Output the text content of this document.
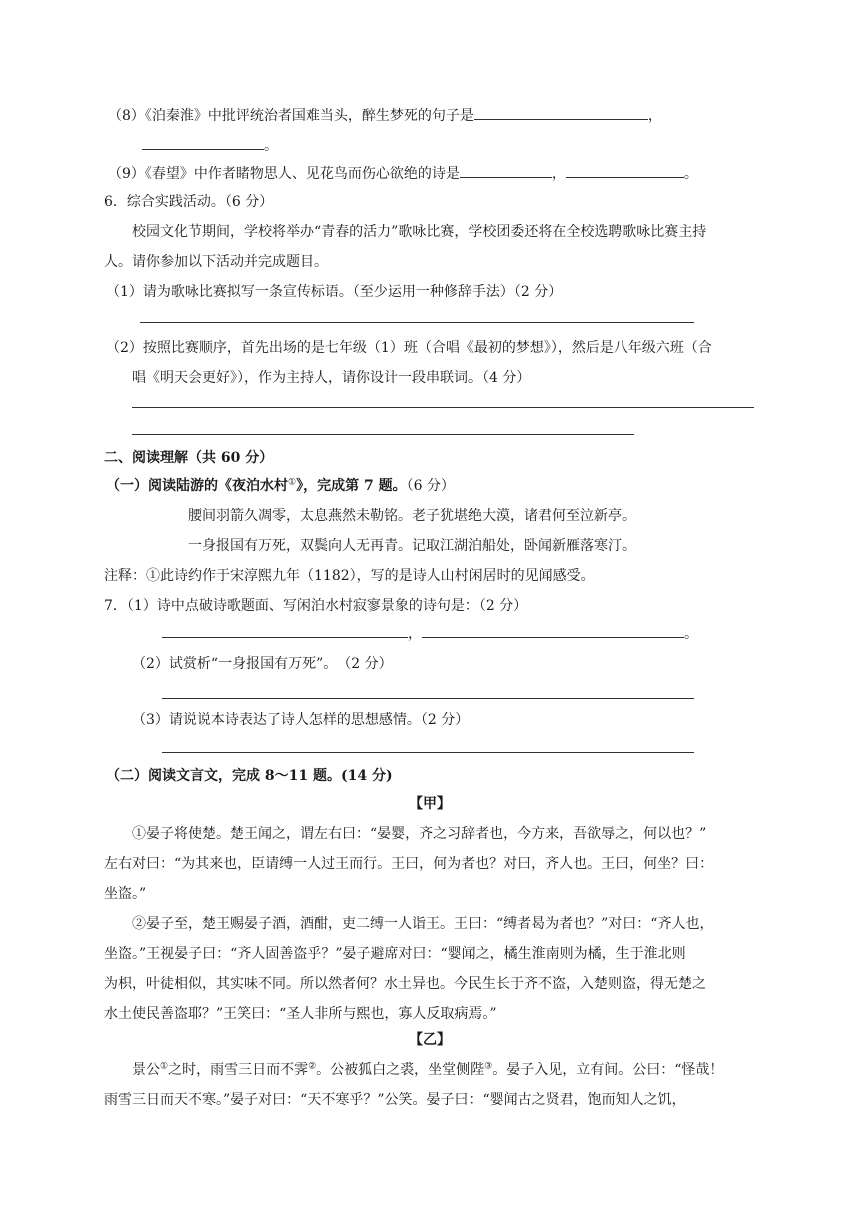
（8）《泊秦淮》中批评统治者国难当头，醉生梦死的句子是	，
。
（9）《春望》中作者睹物思人、见花鸟而伤心欲绝的诗是	，	。
6．综合实践活动。（6 分）
校园文化节期间，学校将举办“青春的活力”歌咏比赛，学校团委还将在全校选聘歌咏比赛主持
人。请你参加以下活动并完成题目。
（1）请为歌咏比赛拟写一条宣传标语。（至少运用一种修辞手法）（2 分）
（2）按照比赛顺序，首先出场的是七年级（1）班（合唱《最初的梦想》），然后是八年级六班（合
唱《明天会更好》），作为主持人，请你设计一段串联词。（4 分）
二、阅读理解（共 60 分）
（一）阅读陆游的《夜泊水村①》，完成第 7 题。（6 分）
腰间羽箭久凋零，太息燕然未勒铭。老子犹堪绝大漠，诸君何至泣新亭。
一身报国有万死，双鬓向人无再青。记取江湖泊船处，卧闻新雁落寒汀。
注释：①此诗约作于宋淳熙九年（1182），写的是诗人山村闲居时的见闻感受。
7．（1）诗中点破诗歌题面、写闲泊水村寂寥景象的诗句是：（2 分）
，	。
（2）试赏析“一身报国有万死”。　（2 分）
（3）请说说本诗表达了诗人怎样的思想感情。（2 分）
（二）阅读文言文，完成 8～11 题。(14 分)
【甲】
①晏子将使楚。楚王闻之，谓左右曰：“晏婴，齐之习辞者也，今方来，吾欲辱之，何以也？”
左右对曰：“为其来也，臣请缚一人过王而行。王曰，何为者也？对曰，齐人也。王曰，何坐？曰：
坐盗。”
②晏子至，楚王赐晏子酒，酒酣，吏二缚一人诣王。王曰：“缚者曷为者也？”对曰：“齐人也，
坐盗。”王视晏子曰：“齐人固善盗乎？”晏子避席对曰：“婴闻之，橘生淮南则为橘，生于淮北则
为枳，叶徒相似，其实味不同。所以然者何？水土异也。今民生长于齐不盗，入楚则盗，得无楚之
水土使民善盗耶？”王笑曰：“圣人非所与熙也，寡人反取病焉。”
【乙】
景公①之时，雨雪三日而不霁②。公被狐白之裘，坐堂侧陛③。晏子入见，立有间。公曰：“怪哉！
雨雪三日而天不寒。”晏子对曰：“天不寒乎？”公笑。晏子曰：“婴闻古之贤君，饱而知人之饥，
